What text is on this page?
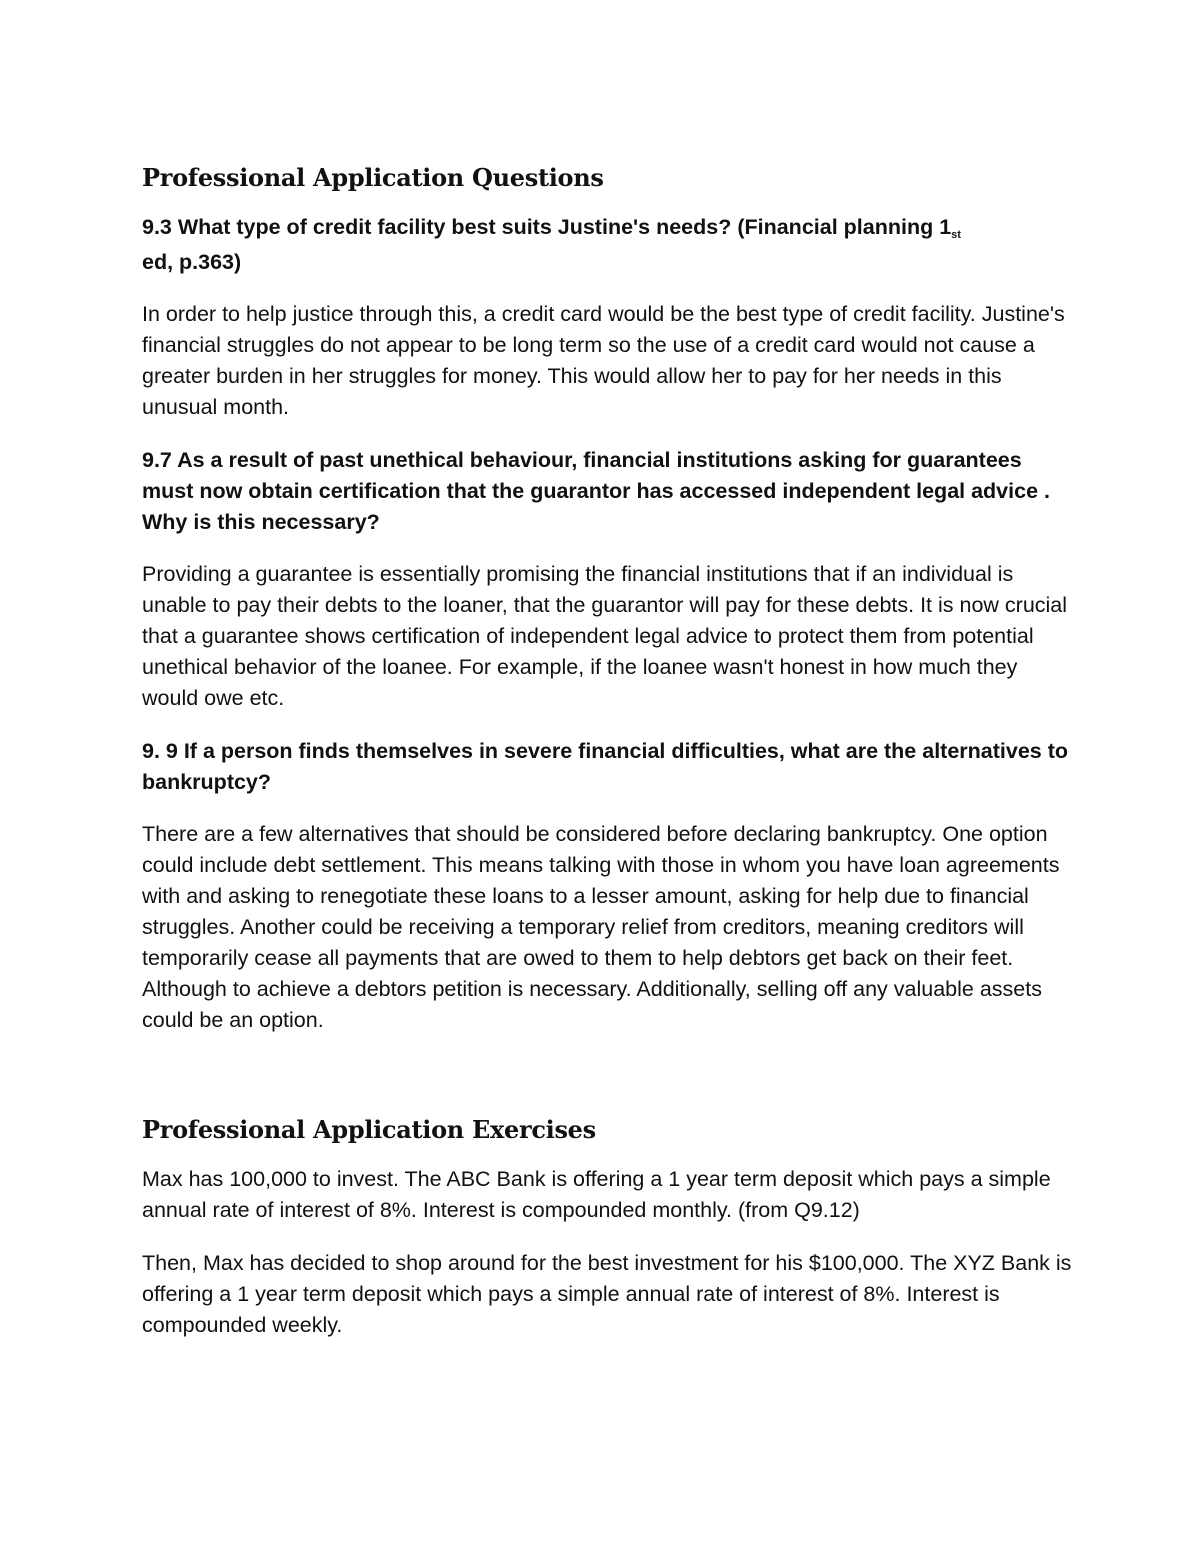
Professional Application Questions

9.3 What type of credit facility best suits Justine's needs? (Financial planning 1st
ed, p.363)

In order to help justice through this, a credit card would be the best type of credit facility. Justine's financial struggles do not appear to be long term so the use of a credit card would not cause a greater burden in her struggles for money. This would allow her to pay for her needs in this unusual month.

9.7 As a result of past unethical behaviour, financial institutions asking for guarantees must now obtain certification that the guarantor has accessed independent legal advice . Why is this necessary?

Providing a guarantee is essentially promising the financial institutions that if an individual is unable to pay their debts to the loaner, that the guarantor will pay for these debts. It is now crucial that a guarantee shows certification of independent legal advice to protect them from potential unethical behavior of the loanee. For example, if the loanee wasn't honest in how much they would owe etc.

9. 9 If a person finds themselves in severe financial difficulties, what are the alternatives to bankruptcy?

There are a few alternatives that should be considered before declaring bankruptcy. One option could include debt settlement. This means talking with those in whom you have loan agreements with and asking to renegotiate these loans to a lesser amount, asking for help due to financial struggles. Another could be receiving a temporary relief from creditors, meaning creditors will temporarily cease all payments that are owed to them to help debtors get back on their feet. Although to achieve a debtors petition is necessary. Additionally, selling off any valuable assets could be an option.

Professional Application Exercises

Max has 100,000 to invest. The ABC Bank is offering a 1 year term deposit which pays a simple annual rate of interest of 8%. Interest is compounded monthly. (from Q9.12)

Then, Max has decided to shop around for the best investment for his $100,000. The XYZ Bank is offering a 1 year term deposit which pays a simple annual rate of interest of 8%. Interest is compounded weekly.
